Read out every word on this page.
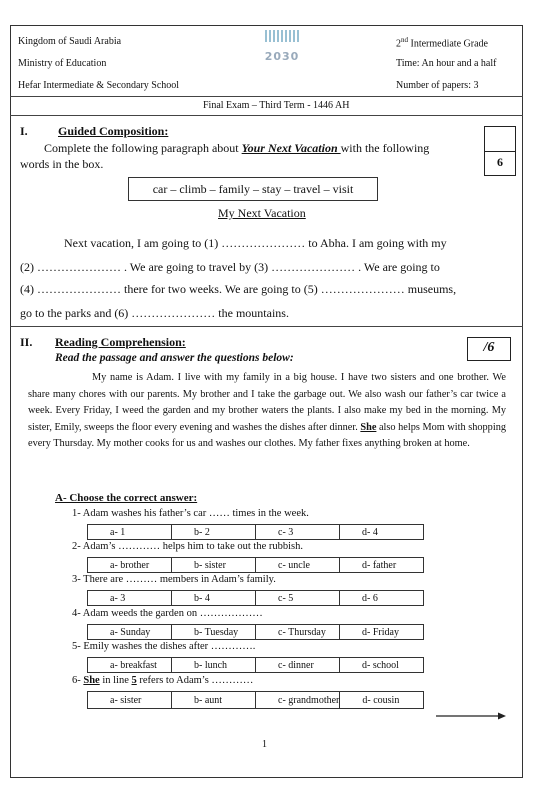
Kingdom of Saudi Arabia
Ministry of Education
Hefar Intermediate & Secondary School
2030
2nd Intermediate Grade
Time: An hour and a half
Number of papers: 3
Final Exam – Third Term - 1446 AH
I.	Guided Composition:
Complete the following paragraph about Your Next Vacation with the following
words in the box.	6
car – climb – family – stay – travel – visit
My Next Vacation
Next vacation, I am going to (1) ………………… to Abha. I am going with my
(2) ………………… . We are going to travel by (3) ………………… . We are going to
(4) ………………… there for two weeks. We are going to (5) ………………… museums,
go to the parks and (6) ………………… the mountains.
II. Reading Comprehension:	/6
Read the passage and answer the questions below:
My name is Adam. I live with my family in a big house. I have two sisters and one brother. We share many chores with our parents. My brother and I take the garbage out. We also wash our father’s car twice a week. Every Friday, I weed the garden and my brother waters the plants. I also make my bed in the morning. My sister, Emily, sweeps the floor every evening and washes the dishes after dinner. She also helps Mom with shopping every Thursday. My mother cooks for us and washes our clothes. My father fixes anything broken at home.
A- Choose the correct answer:
1- Adam washes his father’s car …… times in the week.
a- 1	b- 2	c- 3	d- 4
2- Adam’s ………… helps him to take out the rubbish.
a- brother	b- sister	c- uncle	d- father
3- There are ……… members in Adam’s family.
a- 3	b- 4	c- 5	d- 6
4- Adam weeds the garden on ………………
a- Sunday	b- Tuesday	c- Thursday	d- Friday
5- Emily washes the dishes after ………….
a- breakfast	b- lunch	c- dinner	d- school
6- She in line 5 refers to Adam’s …………
a- sister	b- aunt	c- grandmother	d- cousin
1
